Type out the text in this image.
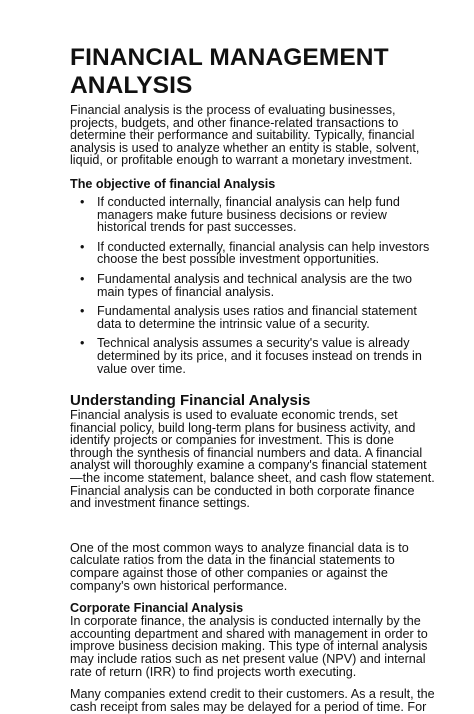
FINANCIAL MANAGEMENT ANALYSIS

Financial analysis is the process of evaluating businesses, projects, budgets, and other finance-related transactions to determine their performance and suitability. Typically, financial analysis is used to analyze whether an entity is stable, solvent, liquid, or profitable enough to warrant a monetary investment.

The objective of financial Analysis
• If conducted internally, financial analysis can help fund managers make future business decisions or review historical trends for past successes.
• If conducted externally, financial analysis can help investors choose the best possible investment opportunities.
• Fundamental analysis and technical analysis are the two main types of financial analysis.
• Fundamental analysis uses ratios and financial statement data to determine the intrinsic value of a security.
• Technical analysis assumes a security's value is already determined by its price, and it focuses instead on trends in value over time.
Understanding Financial Analysis

Financial analysis is used to evaluate economic trends, set financial policy, build long-term plans for business activity, and identify projects or companies for investment. This is done through the synthesis of financial numbers and data. A financial analyst will thoroughly examine a company's financial statement—the income statement, balance sheet, and cash flow statement. Financial analysis can be conducted in both corporate finance and investment finance settings.

One of the most common ways to analyze financial data is to calculate ratios from the data in the financial statements to compare against those of other companies or against the company's own historical performance.

Corporate Financial Analysis

In corporate finance, the analysis is conducted internally by the accounting department and shared with management in order to improve business decision making. This type of internal analysis may include ratios such as net present value (NPV) and internal rate of return (IRR) to find projects worth executing.

Many companies extend credit to their customers. As a result, the cash receipt from sales may be delayed for a period of time. For
